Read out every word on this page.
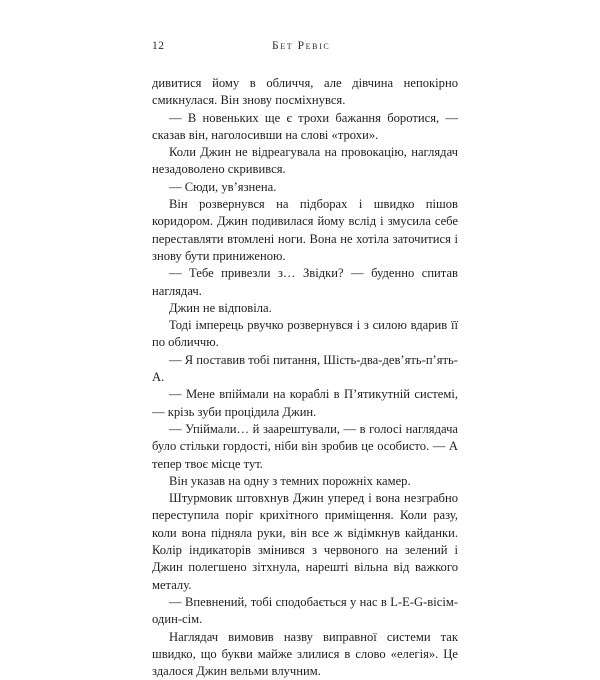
12	Бет Ревіс

дивитися йому в обличчя, але дівчина непокірно смикнулася. Він знову посміхнувся.

— В новеньких ще є трохи бажання боротися, — сказав він, наголосивши на слові «трохи».

Коли Джин не відреагувала на провокацію, наглядач незадоволено скривився.

— Сюди, ув’язнена.

Він розвернувся на підборах і швидко пішов коридором. Джин подивилася йому вслід і змусила себе переставляти втомлені ноги. Вона не хотіла заточитися і знову бути приниженою.

— Тебе привезли з… Звідки? — буденно спитав наглядач.

Джин не відповіла.

Тоді імперець рвучко розвернувся і з силою вдарив її по обличчю.

— Я поставив тобі питання, Шість-два-дев’ять-п’ять-А.

— Мене впіймали на кораблі в П’ятикутній системі, — крізь зуби процідила Джин.

— Упіймали… й заарештували, — в голосі наглядача було стільки гордості, ніби він зробив це особисто. — А тепер твоє місце тут.

Він указав на одну з темних порожніх камер.

Штурмовик штовхнув Джин уперед і вона незграбно переступила поріг крихітного приміщення. Коли разу, коли вона підняла руки, він все ж відімкнув кайданки. Колір індикаторів змінився з червоного на зелений і Джин полегшено зітхнула, нарешті вільна від важкого металу.

— Впевнений, тобі сподобається у нас в L-E-G-вісім-один-сім.

Наглядач вимовив назву виправної системи так швидко, що букви майже злилися в слово «елегія». Це здалося Джин вельми влучним.
